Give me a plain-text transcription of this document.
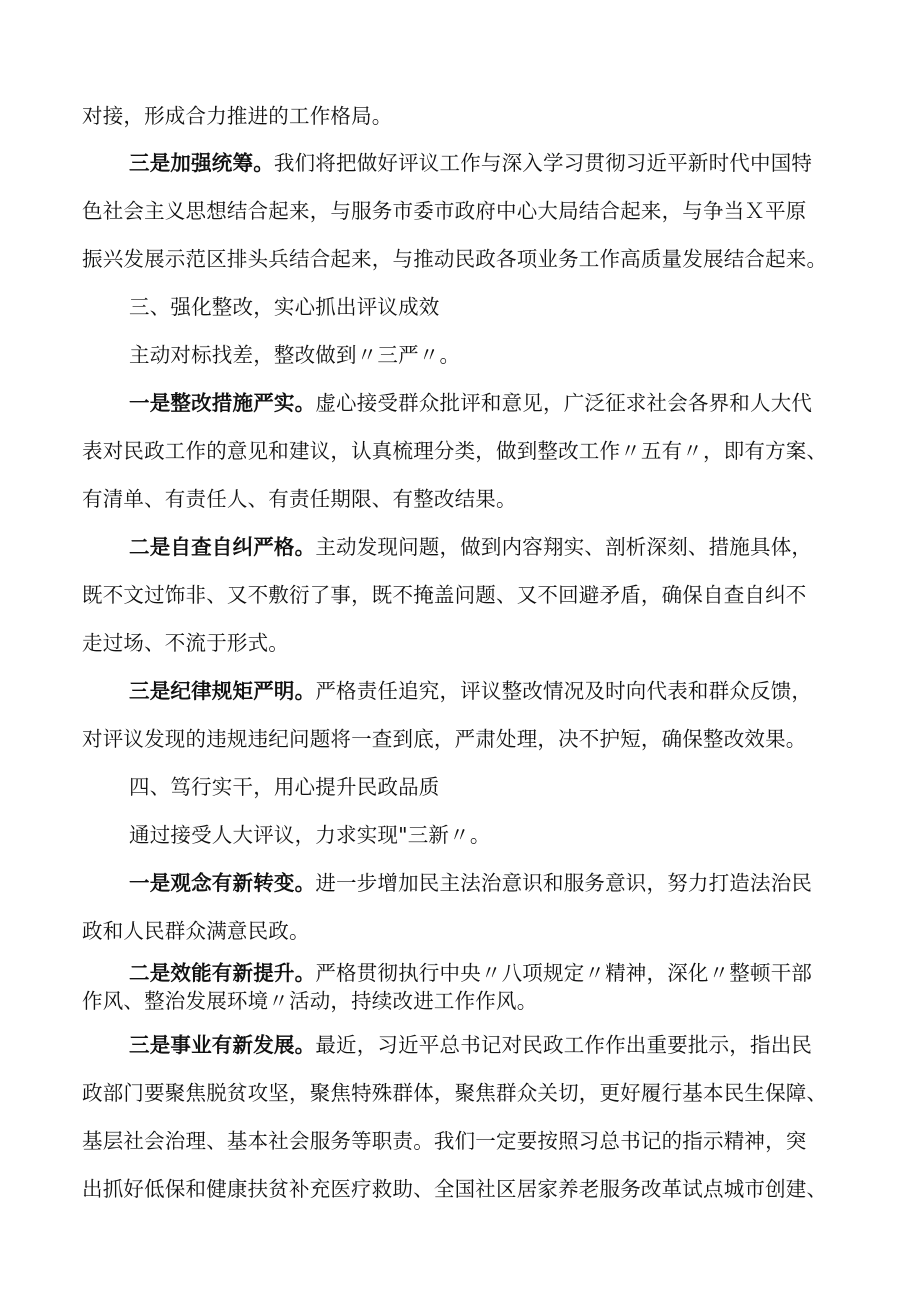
对接，形成合力推进的工作格局。
三是加强统筹。我们将把做好评议工作与深入学习贯彻习近平新时代中国特
色社会主义思想结合起来，与服务市委市政府中心大局结合起来，与争当Ｘ平原
振兴发展示范区排头兵结合起来，与推动民政各项业务工作高质量发展结合起来。
三、强化整改，实心抓出评议成效
主动对标找差，整改做到〃三严〃。
一是整改措施严实。虚心接受群众批评和意见，广泛征求社会各界和人大代
表对民政工作的意见和建议，认真梳理分类，做到整改工作〃五有〃，即有方案、
有清单、有责任人、有责任期限、有整改结果。
二是自查自纠严格。主动发现问题，做到内容翔实、剖析深刻、措施具体，
既不文过饰非、又不敷衍了事，既不掩盖问题、又不回避矛盾，确保自查自纠不
走过场、不流于形式。
三是纪律规矩严明。严格责任追究，评议整改情况及时向代表和群众反馈，
对评议发现的违规违纪问题将一查到底，严肃处理，决不护短，确保整改效果。
四、笃行实干，用心提升民政品质
通过接受人大评议，力求实现"三新〃。
一是观念有新转变。进一步增加民主法治意识和服务意识，努力打造法治民
政和人民群众满意民政。
二是效能有新提升。严格贯彻执行中央〃八项规定〃精神，深化〃整顿干部
作风、整治发展环境〃活动，持续改进工作作风。
三是事业有新发展。最近，习近平总书记对民政工作作出重要批示，指出民
政部门要聚焦脱贫攻坚，聚焦特殊群体，聚焦群众关切，更好履行基本民生保障、
基层社会治理、基本社会服务等职责。我们一定要按照习总书记的指示精神，突
出抓好低保和健康扶贫补充医疗救助、全国社区居家养老服务改革试点城市创建、
